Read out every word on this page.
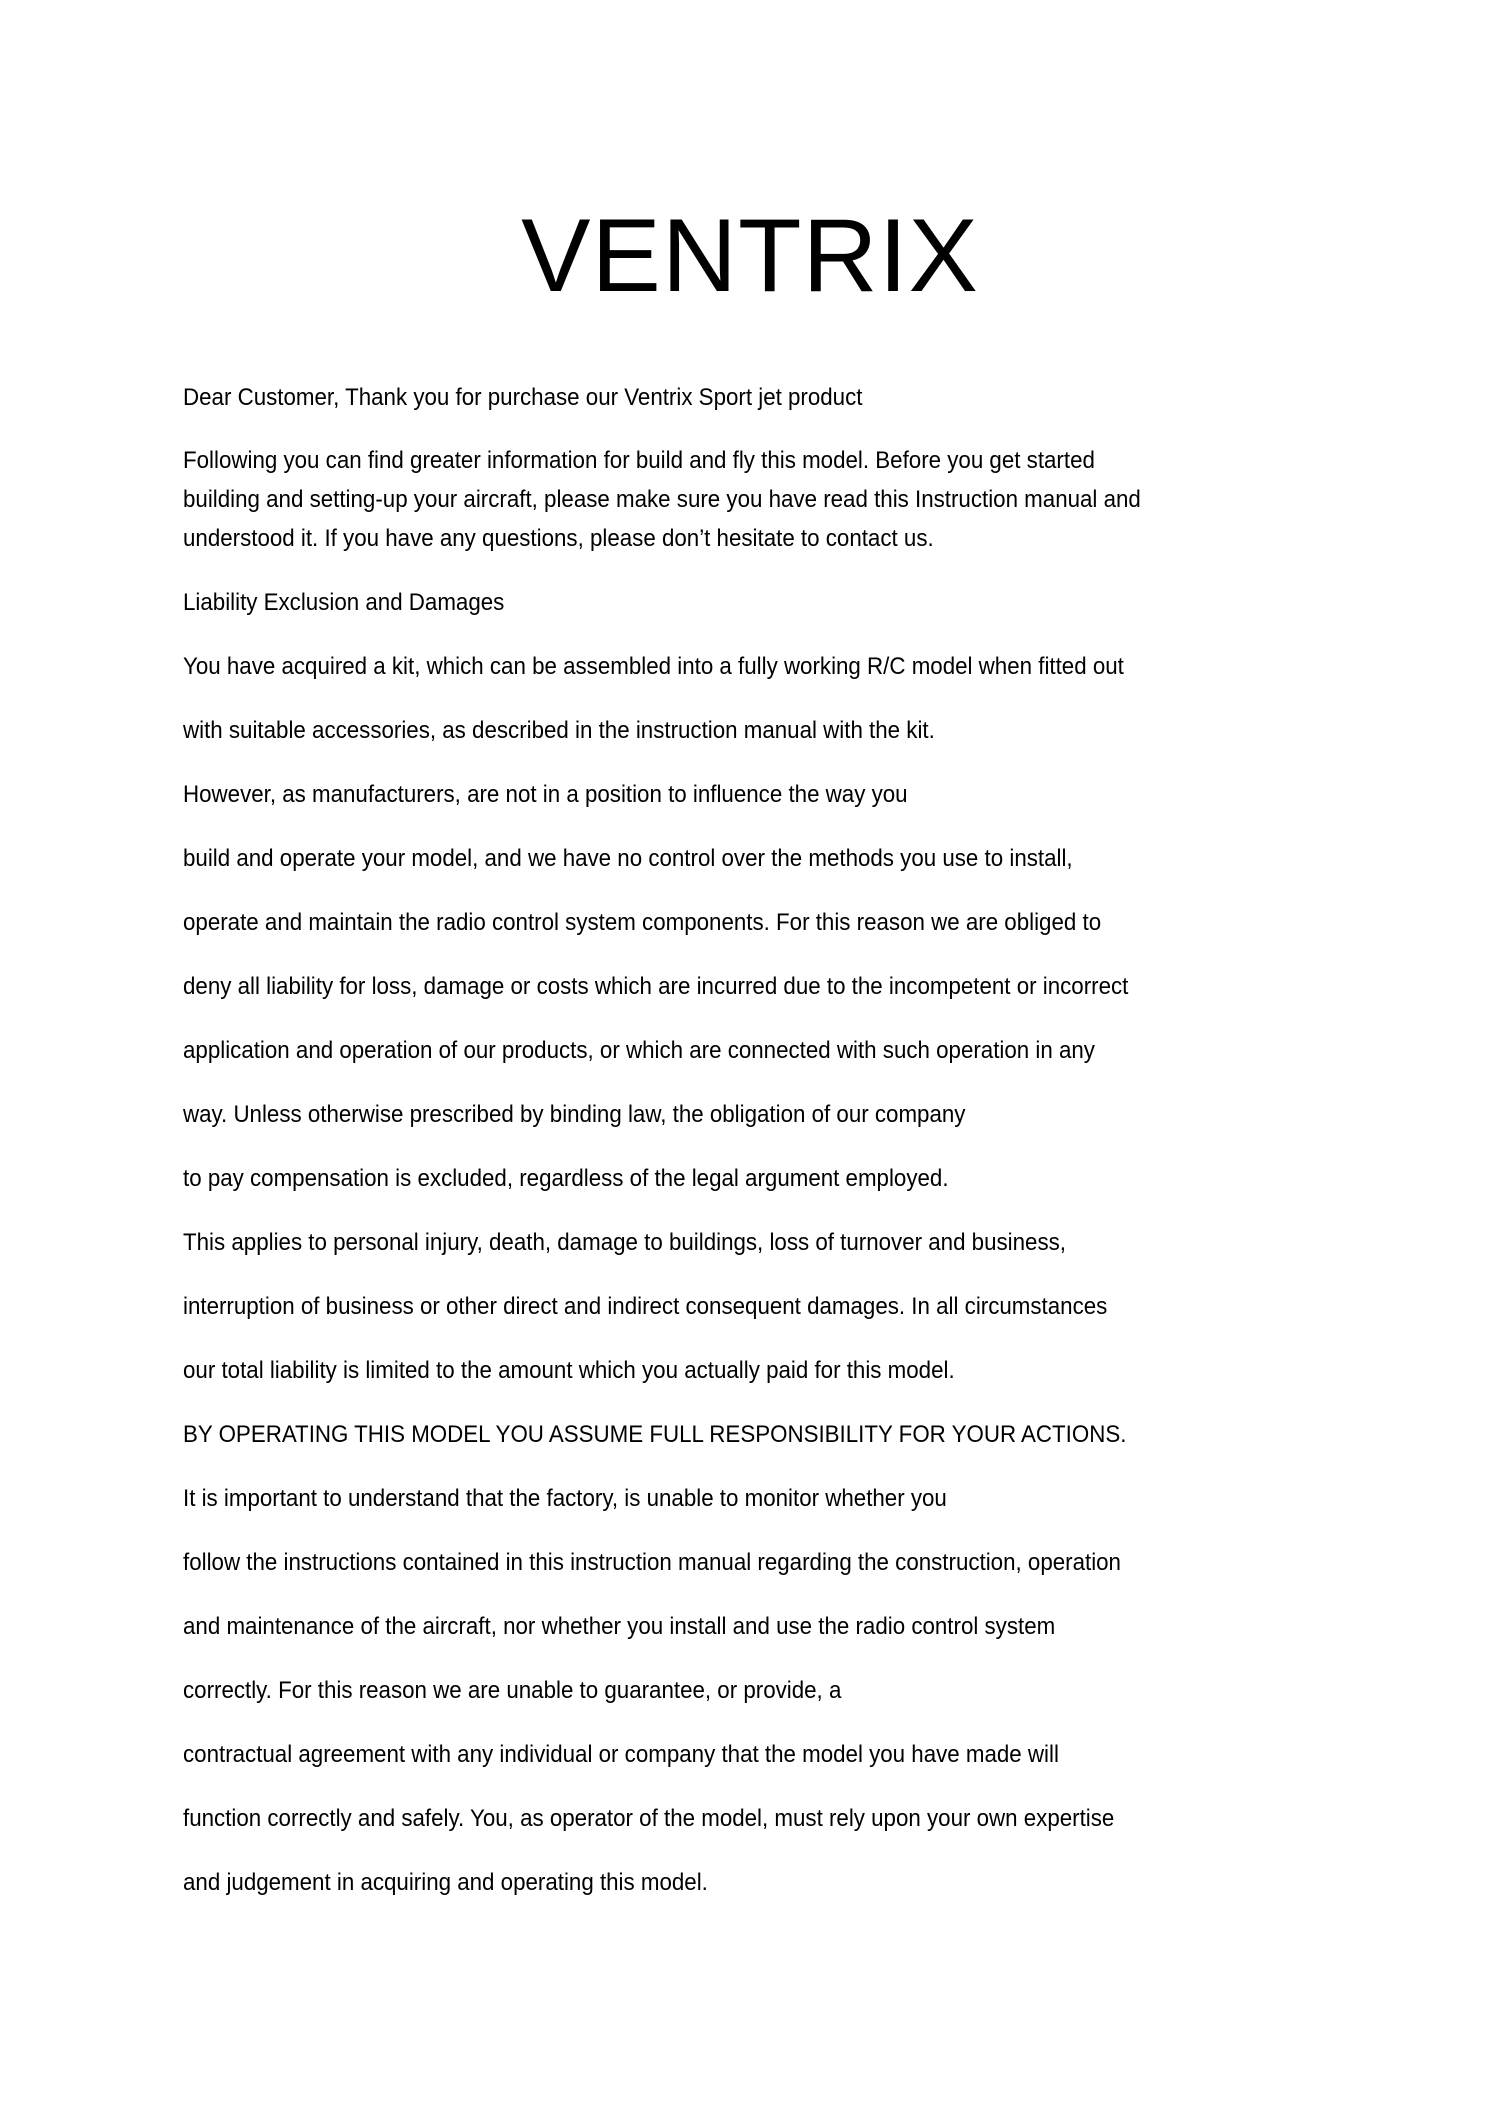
VENTRIX

Dear Customer, Thank you for purchase our Ventrix Sport jet product

Following you can find greater information for build and fly this model. Before you get started

building and setting-up your aircraft, please make sure you have read this Instruction manual and

understood it. If you have any questions, please don’t hesitate to contact us.

Liability Exclusion and Damages

You have acquired a kit, which can be assembled into a fully working R/C model when fitted out

with suitable accessories, as described in the instruction manual with the kit.

However, as manufacturers, are not in a position to influence the way you

build and operate your model, and we have no control over the methods you use to install,

operate and maintain the radio control system components. For this reason we are obliged to

deny all liability for loss, damage or costs which are incurred due to the incompetent or incorrect

application and operation of our products, or which are connected with such operation in any

way. Unless otherwise prescribed by binding law, the obligation of our company

to pay compensation is excluded, regardless of the legal argument employed.

This applies to personal injury, death, damage to buildings, loss of turnover and business,

interruption of business or other direct and indirect consequent damages. In all circumstances

our total liability is limited to the amount which you actually paid for this model.

BY OPERATING THIS MODEL YOU ASSUME FULL RESPONSIBILITY FOR YOUR ACTIONS.

It is important to understand that the factory, is unable to monitor whether you

follow the instructions contained in this instruction manual regarding the construction, operation

and maintenance of the aircraft, nor whether you install and use the radio control system

correctly. For this reason we are unable to guarantee, or provide, a

contractual agreement with any individual or company that the model you have made will

function correctly and safely. You, as operator of the model, must rely upon your own expertise

and judgement in acquiring and operating this model.
